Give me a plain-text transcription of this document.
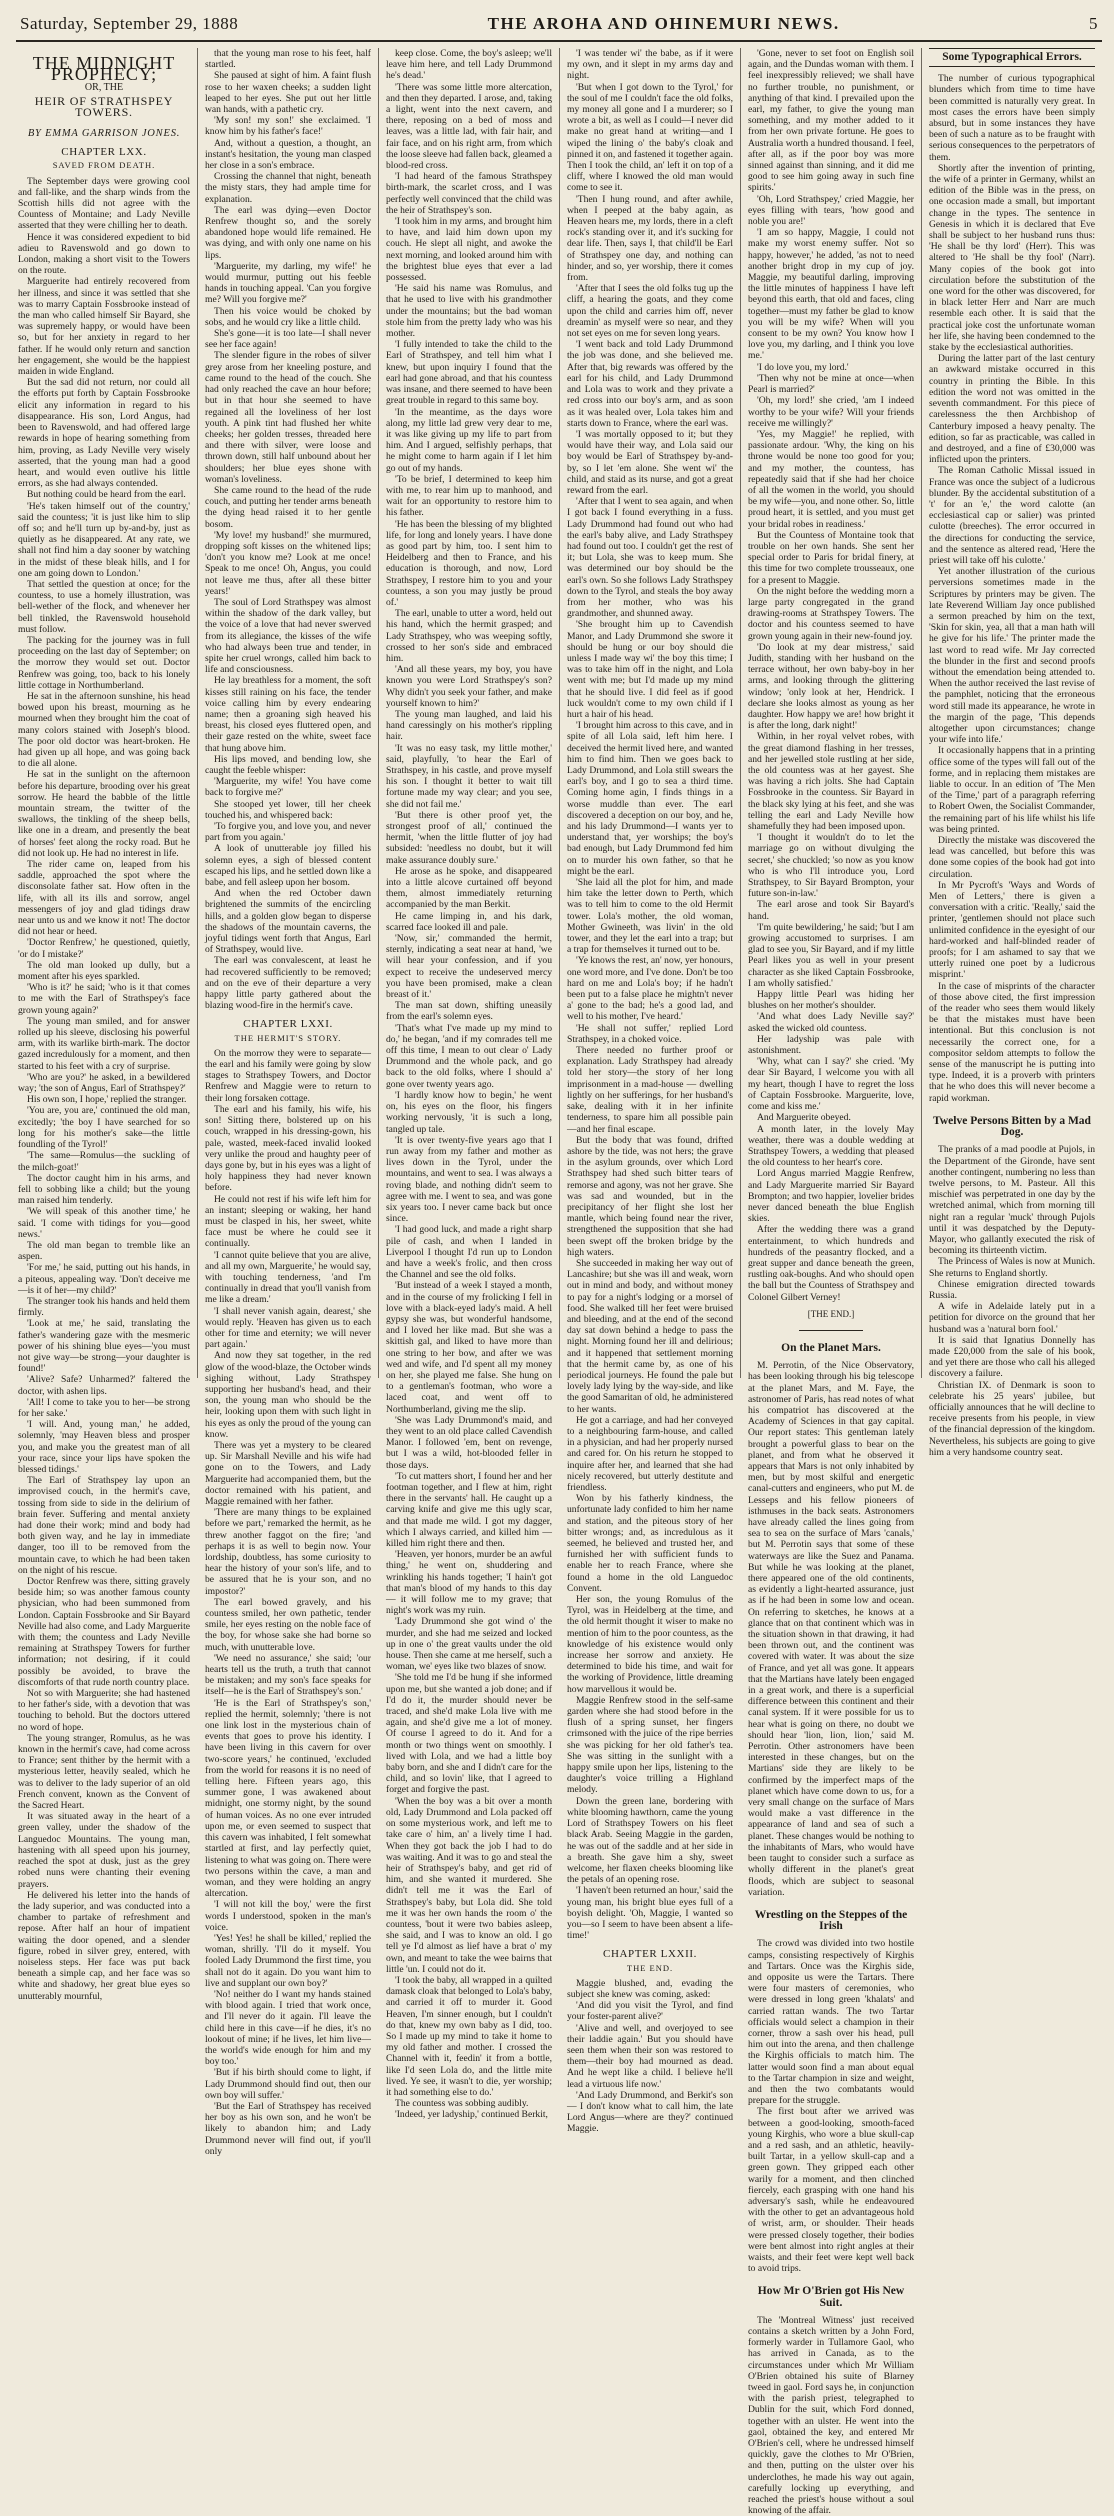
Saturday, September 29, 1888	THE AROHA AND OHINEMURI NEWS.	5
THE MIDNIGHT PROPHECY;
OR, THE
HEIR OF STRATHSPEY TOWERS.
BY EMMA GARRISON JONES.
CHAPTER LXX.
SAVED FROM DEATH.

The September days were growing cool and fall-like, and the sharp winds from the Scottish hills did not agree with the Countess of Montaine; and Lady Neville asserted that they were chilling her to death.

Hence it was considered expedient to bid adieu to Ravenswold and go down to London, making a short visit to the Towers on the route.

Marguerite had entirely recovered from her illness, and since it was settled that she was to marry Captain Fossbrooke instead of the man who called himself Sir Bayard, she was supremely happy, or would have been so, but for her anxiety in regard to her father. If he would only return and sanction her engagement, she would be the happiest maiden in wide England.

But the sad did not return, nor could all the efforts put forth by Captain Fossbrooke elicit any information in regard to his disappearance. His son, Lord Angus, had been to Ravenswold, and had offered large rewards in hope of hearing something from him, proving, as Lady Neville very wisely asserted, that the young man had a good heart, and would even outlive his little errors, as she had always contended.

But nothing could be heard from the earl.

'He's taken himself out of the country,' said the countess; 'it is just like him to slip off so; and he'll turn up by-and-by, just as quietly as he disappeared. At any rate, we shall not find him a day sooner by watching in the midst of these bleak hills, and I for one am going down to London.'

That settled the question at once; for the countess, to use a homely illustration, was bell-wether of the flock, and whenever her bell tinkled, the Ravenswold household must follow.

The packing for the journey was in full proceeding on the last day of September; on the morrow they would set out. Doctor Renfrew was going, too, back to his lonely little cottage in Northumberland.

He sat in the afternoon sunshine, his head bowed upon his breast, mourning as he mourned when they brought him the coat of many colors stained with Joseph's blood. The poor old doctor was heart-broken. He had given up all hope, and was going back to die all alone.

He sat in the sunlight on the afternoon before his departure, brooding over his great sorrow. He heard the babble of the little mountain stream, the twitter of the swallows, the tinkling of the sheep bells, like one in a dream, and presently the beat of horses' feet along the rocky road. But he did not look up. He had no interest in life.

The rider came on, leaped from his saddle, approached the spot where the disconsolate father sat. How often in the life, with all its ills and sorrow, angel messengers of joy and glad tidings draw near unto us and we know it not! The doctor did not hear or heed.

'Doctor Renfrew,' he questioned, quietly, 'or do I mistake?'

The old man looked up dully, but a moment after his eyes sparkled.

'Who is it?' he said; 'who is it that comes to me with the Earl of Strathspey's face grown young again?'

The young man smiled, and for answer rolled up his sleeve, disclosing his powerful arm, with its warlike birth-mark. The doctor gazed incredulously for a moment, and then started to his feet with a cry of surprise.

'Who are you?' he asked, in a bewildered way; 'the son of Angus, Earl of Strathspey?'

His own son, I hope,' replied the stranger.

'You are, you are,' continued the old man, excitedly; 'the boy I have searched for so long for his mother's sake—the little foundling of the Tyrol!'

'The same—Romulus—the suckling of the milch-goat!'

The doctor caught him in his arms, and fell to sobbing like a child; but the young man raised him tenderly.

'We will speak of this another time,' he said. 'I come with tidings for you—good news.'

The old man began to tremble like an aspen.

'For me,' he said, putting out his hands, in a piteous, appealing way. 'Don't deceive me—is it of her—my child?'

The stranger took his hands and held them firmly.

'Look at me,' he said, translating the father's wandering gaze with the mesmeric power of his shining blue eyes—'you must not give way—be strong—your daughter is found!'

'Alive? Safe? Unharmed?' faltered the doctor, with ashen lips.

'All! I come to take you to her—be strong for her sake.'

'I will. And, young man,' he added, solemnly, 'may Heaven bless and prosper you, and make you the greatest man of all your race, since your lips have spoken the blessed tidings.'

The Earl of Strathspey lay upon an improvised couch, in the hermit's cave, tossing from side to side in the delirium of brain fever. Suffering and mental anxiety had done their work; mind and body had both given way, and he lay in immediate danger, too ill to be removed from the mountain cave, to which he had been taken on the night of his rescue.

Doctor Renfrew was there, sitting gravely beside him; so was another famous county physician, who had been summoned from London. Captain Fossbrooke and Sir Bayard Neville had also come, and Lady Marguerite with them; the countess and Lady Neville remaining at Strathspey Towers for further information; not desiring, if it could possibly be avoided, to brave the discomforts of that rude north country place.

Not so with Marguerite; she had hastened to her father's side, with a devotion that was touching to behold. But the doctors uttered no word of hope.

The young stranger, Romulus, as he was known in the hermit's cave, had come across to France; sent thither by the hermit with a mysterious letter, heavily sealed, which he was to deliver to the lady superior of an old French convent, known as the Convent of the Sacred Heart.

It was situated away in the heart of a green valley, under the shadow of the Languedoc Mountains. The young man, hastening with all speed upon his journey, reached the spot at dusk, just as the grey robed nuns were chanting their evening prayers.

He delivered his letter into the hands of the lady superior, and was conducted into a chamber to partake of refreshment and repose. After half an hour of impatient waiting the door opened, and a slender figure, robed in silver grey, entered, with noiseless steps. Her face was put back beneath a simple cap, and her face was so white and shadowy, her great blue eyes so unutterably mournful,

that the young man rose to his feet, half startled.

She paused at sight of him. A faint flush rose to her waxen cheeks; a sudden light leaped to her eyes. She put out her little wan hands, with a pathetic cry.

'My son! my son!' she exclaimed. 'I know him by his father's face!'

And, without a question, a thought, an instant's hesitation, the young man clasped her close in a son's embrace.

Crossing the channel that night, beneath the misty stars, they had ample time for explanation.

The earl was dying—even Doctor Renfrew thought so, and the sorely abandoned hope would life remained. He was dying, and with only one name on his lips.

'Marguerite, my darling, my wife!' he would murmur, putting out his feeble hands in touching appeal. 'Can you forgive me? Will you forgive me?'

Then his voice would be choked by sobs, and he would cry like a little child.

She's gone—it is too late—I shall never see her face again!

The slender figure in the robes of silver grey arose from her kneeling posture, and came round to the head of the couch. She had only reached the cave an hour before; but in that hour she seemed to have regained all the loveliness of her lost youth. A pink tint had flushed her white cheeks; her golden tresses, threaded here and there with silver, were loose and thrown down, still half unbound about her shoulders; her blue eyes shone with woman's loveliness.

She came round to the head of the rude couch, and putting her tender arms beneath the dying head raised it to her gentle bosom.

'My love! my husband!' she murmured, dropping soft kisses on the whitened lips; 'don't you know me? Look at me once! Speak to me once! Oh, Angus, you could not leave me thus, after all these bitter years!'

The soul of Lord Strathspey was almost within the shadow of the dark valley, but the voice of a love that had never swerved from its allegiance, the kisses of the wife who had always been true and tender, in spite her cruel wrongs, called him back to life and consciousness.

He lay breathless for a moment, the soft kisses still raining on his face, the tender voice calling him by every endearing name; then a groaning sigh heaved his breast, his closed eyes fluttered open, and their gaze rested on the white, sweet face that hung above him.

His lips moved, and bending low, she caught the feeble whisper:

'Marguerite, my wife! You have come back to forgive me?'

She stooped yet lower, till her cheek touched his, and whispered back:

'To forgive you, and love you, and never part from you again.'

A look of unutterable joy filled his solemn eyes, a sigh of blessed content escaped his lips, and he settled down like a babe, and fell asleep upon her bosom.

And when the red October dawn brightened the summits of the encircling hills, and a golden glow began to disperse the shadows of the mountain caverns, the joyful tidings went forth that Angus, Earl of Strathspey, would live.

The earl was convalescent, at least he had recovered sufficiently to be removed; and on the eve of their departure a very happy little party gathered about the blazing wood-fire in the hermit's cave.

CHAPTER LXXI.
THE HERMIT'S STORY.

On the morrow they were to separate—the earl and his family were going by slow stages to Strathspey Towers, and Doctor Renfrew and Maggie were to return to their long forsaken cottage.

The earl and his family, his wife, his son! Sitting there, bolstered up on his couch, wrapped in his dressing-gown, his pale, wasted, meek-faced invalid looked very unlike the proud and haughty peer of days gone by, but in his eyes was a light of holy happiness they had never known before.

He could not rest if his wife left him for an instant; sleeping or waking, her hand must be clasped in his, her sweet, white face must be where he could see it continually.

'I cannot quite believe that you are alive, and all my own, Marguerite,' he would say, with touching tenderness, 'and I'm continually in dread that you'll vanish from me like a dream.'

'I shall never vanish again, dearest,' she would reply. 'Heaven has given us to each other for time and eternity; we will never part again.'

And now they sat together, in the red glow of the wood-blaze, the October winds sighing without, Lady Strathspey supporting her husband's head, and their son, the young man who should be the heir, looking upon them with such light in his eyes as only the proud of the young can know.

There was yet a mystery to be cleared up. Sir Marshall Neville and his wife had gone on to the Towers, and Lady Marguerite had accompanied them, but the doctor remained with his patient, and Maggie remained with her father.

'There are many things to be explained before we part,' remarked the hermit, as he threw another faggot on the fire; 'and perhaps it is as well to begin now. Your lordship, doubtless, has some curiosity to hear the history of your son's life, and to be assured that he is your son, and no impostor?'

The earl bowed gravely, and his countess smiled, her own pathetic, tender smile, her eyes resting on the noble face of the boy, for whose sake she had borne so much, with unutterable love.

'We need no assurance,' she said; 'our hearts tell us the truth, a truth that cannot be mistaken; and my son's face speaks for itself—he is the Earl of Strathspey's son.'

'He is the Earl of Strathspey's son,' replied the hermit, solemnly; 'there is not one link lost in the mysterious chain of events that goes to prove his identity. I have been living in this cavern for over two-score years,' he continued, 'excluded from the world for reasons it is no need of telling here. Fifteen years ago, this summer gone, I was awakened about midnight, one stormy night, by the sound of human voices. As no one ever intruded upon me, or even seemed to suspect that this cavern was inhabited, I felt somewhat startled at first, and lay perfectly quiet, listening to what was going on. There were two persons within the cave, a man and woman, and they were holding an angry altercation.

'I will not kill the boy,' were the first words I understood, spoken in the man's voice.

'Yes! Yes! he shall be killed,' replied the woman, shrilly. 'I'll do it myself. You fooled Lady Drummond the first time, you shall not do it again. Do you want him to live and supplant our own boy?'

'No! neither do I want my hands stained with blood again. I tried that work once, and I'll never do it again. I'll leave the child here in this cave—if he dies, it's no lookout of mine; if he lives, let him live—the world's wide enough for him and my boy too.'

'But if his birth should come to light, if Lady Drummond should find out, then our own boy will suffer.'

'But the Earl of Strathspey has received her boy as his own son, and he won't be likely to abandon him; and Lady Drummond never will find out, if you'll only

keep close. Come, the boy's asleep; we'll leave him here, and tell Lady Drummond he's dead.'

'There was some little more altercation, and then they departed. I arose, and, taking a light, went into the next cavern, and there, reposing on a bed of moss and leaves, was a little lad, with fair hair, and fair face, and on his right arm, from which the loose sleeve had fallen back, gleamed a blood-red cross.

'I had heard of the famous Strathspey birth-mark, the scarlet cross, and I was perfectly well convinced that the child was the heir of Strathspey's son.

'I took him in my arms, and brought him to have, and laid him down upon my couch. He slept all night, and awoke the next morning, and looked around him with the brightest blue eyes that ever a lad possessed.

'He said his name was Romulus, and that he used to live with his grandmother under the mountains; but the bad woman stole him from the pretty lady who was his mother.

'I fully intended to take the child to the Earl of Strathspey, and tell him what I knew, but upon inquiry I found that the earl had gone abroad, and that his countess was insane, and there seemed to have been great trouble in regard to this same boy.

'In the meantime, as the days wore along, my little lad grew very dear to me, it was like giving up my life to part from him. And I argued, selfishly perhaps, that he might come to harm again if I let him go out of my hands.

'To be brief, I determined to keep him with me, to rear him up to manhood, and wait for an opportunity to restore him to his father.

'He has been the blessing of my blighted life, for long and lonely years. I have done as good part by him, too. I sent him to Heidelberg and then to France, and his education is thorough, and now, Lord Strathspey, I restore him to you and your countess, a son you may justly be proud of.'

The earl, unable to utter a word, held out his hand, which the hermit grasped; and Lady Strathspey, who was weeping softly, crossed to her son's side and embraced him.

'And all these years, my boy, you have known you were Lord Strathspey's son? Why didn't you seek your father, and make yourself known to him?'

The young man laughed, and laid his hand caressingly on his mother's rippling hair.

'It was no easy task, my little mother,' said, playfully, 'to hear the Earl of Strathspey, in his castle, and prove myself his son. I thought it better to wait till fortune made my way clear; and you see, she did not fail me.'

'But there is other proof yet, the strongest proof of all,' continued the hermit, 'when the little flutter of joy had subsided: 'needless no doubt, but it will make assurance doubly sure.'

He arose as he spoke, and disappeared into a little alcove curtained off beyond them, almost immediately returning accompanied by the man Berkit.

He came limping in, and his dark, scarred face looked ill and pale.

'Now, sir,' commanded the hermit, sternly, indicating a seat near at hand, 'we will hear your confession, and if you expect to receive the undeserved mercy you have been promised, make a clean breast of it.'

The man sat down, shifting uneasily from the earl's solemn eyes.

'That's what I've made up my mind to do,' he began, 'and if my comrades tell me off this time, I mean to out clear o' Lady Drummond and the whole pack, and go back to the old folks, where I should a' gone over twenty years ago.

'I hardly know how to begin,' he went on, his eyes on the floor, his fingers working nervously, 'it is such a long, tangled up tale.

'It is over twenty-five years ago that I run away from my father and mother as lives down in the Tyrol, under the mountains, and went to sea. I was always a roving blade, and nothing didn't seem to agree with me. I went to sea, and was gone six years too. I never came back but once since.

'I had good luck, and made a right sharp pile of cash, and when I landed in Liverpool I thought I'd run up to London and have a week's frolic, and then cross the Channel and see the old folks.

'But instead of a week I stayed a month, and in the course of my frolicking I fell in love with a black-eyed lady's maid. A hell gypsy she was, but wonderful handsome, and I loved her like mad. But she was a skittish gal, and liked to have more than one string to her bow, and after we was wed and wife, and I'd spent all my money on her, she played me false. She hung on to a gentleman's footman, who wore a laced coat, and went off to Northumberland, giving me the slip.

'She was Lady Drummond's maid, and they went to an old place called Cavendish Manor. I followed 'em, bent on revenge, but I was a wild, hot-blooded feller in those days.

'To cut matters short, I found her and her footman together, and I flew at him, right there in the servants' hall. He caught up a carving knife and give me this ugly scar, and that made me wild. I got my dagger, which I always carried, and killed him — killed him right there and then.

'Heaven, yer honors, murder be an awful thing,' he went on, shuddering and wrinkling his hands together; 'I hain't got that man's blood of my hands to this day — it will follow me to my grave; that night's work was my ruin.

'Lady Drummond she got wind o' the murder, and she had me seized and locked up in one o' the great vaults under the old house. Then she came at me herself, such a woman, we' eyes like two blazes of snow.

'She told me I'd be hung if she informed upon me, but she wanted a job done; and if I'd do it, the murder should never be traced, and she'd make Lola live with me again, and she'd give me a lot of money. Of course I agreed to do it. And for a month or two things went on smoothly. I lived with Lola, and we had a little boy baby born, and she and I didn't care for the child, and so lovin' like, that I agreed to forget and forgive the past.

'When the boy was a bit over a month old, Lady Drummond and Lola packed off on some mysterious work, and left me to take care o' him, an' a lively time I had. When they got back the job I had to do was waiting. And it was to go and steal the heir of Strathspey's baby, and get rid of him, and she wanted it murdered. She didn't tell me it was the Earl of Strathspey's baby, but Lola did. She told me it was her own hands the room o' the countess, 'bout it were two babies asleep, she said, and I was to know an old. I go tell ye I'd almost as lief have a brat o' my own, and meant to take the wee bairns that little 'un. I could not do it.

'I took the baby, all wrapped in a quilted damask cloak that belonged to Lola's baby, and carried it off to murder it. Good Heaven, I'm sinner enough, but I couldn't do that, knew my own baby as I did, too. So I made up my mind to take it home to my old father and mother. I crossed the Channel with it, feedin' it from a bottle, like I'd seen Lola do, and the little mite lived. Ye see, it wasn't to die, yer worship; it had something else to do.'

The countess was sobbing audibly.

'Indeed, yer ladyship,' continued Berkit,

'I was tender wi' the babe, as if it were my own, and it slept in my arms day and night.

'But when I got down to the Tyrol,' for the soul of me I couldn't face the old folks, my money all gone and I a murderer; so I wrote a bit, as well as I could—I never did make no great hand at writing—and I wiped the lining o' the baby's cloak and pinned it on, and fastened it together again. Then I took the child, an' left it on top of a cliff, where I knowed the old man would come to see it.

'Then I hung round, and after awhile, when I peeped at the baby again, as Heaven hears me, my lords, there in a cleft rock's standing over it, and it's sucking for dear life. Then, says I, that child'll be Earl of Strathspey one day, and nothing can hinder, and so, yer worship, there it comes from.

'After that I sees the old folks tug up the cliff, a hearing the goats, and they come upon the child and carries him off, never dreamin' as myself were so near, and they not set eyes on me for seven long years.

'I went back and told Lady Drummond the job was done, and she believed me. After that, big rewards was offered by the earl for his child, and Lady Drummond and Lola was to work and they private a red cross into our boy's arm, and as soon as it was healed over, Lola takes him and starts down to France, where the earl was.

'I was mortally opposed to it; but they would have their way, and Lola said our boy would be Earl of Strathspey by-and-by, so I let 'em alone. She went wi' the child, and staid as its nurse, and got a great reward from the earl.

'After that I went to sea again, and when I got back I found everything in a fuss. Lady Drummond had found out who had the earl's baby alive, and Lady Strathspey had found out too. I couldn't get the rest of it; but Lola, she was to keep mum. She was determined our boy should be the earl's own. So she follows Lady Strathspey down to the Tyrol, and steals the boy away from her mother, who was his grandmother, and shunned away.

'She brought him up to Cavendish Manor, and Lady Drummond she swore it should be hung or our boy should die unless I made way wi' the boy this time; I was to take him off in the night, and Lola went with me; but I'd made up my mind that he should live. I did feel as if good luck wouldn't come to my own child if I hurt a hair of his head.

'I brought him across to this cave, and in spite of all Lola said, left him here. I deceived the hermit lived here, and wanted him to find him. Then we goes back to Lady Drummond, and Lola still swears the earl's boy, and I go to sea a third time. Coming home agin, I finds things in a worse muddle than ever. The earl discovered a deception on our boy, and he, and his lady Drummond—I wants yer to understand that, yer worships; the boy's bad enough, but Lady Drummond fed him on to murder his own father, so that he might be the earl.

'She laid all the plot for him, and made him take the letter down to Perth, which was to tell him to come to the old Hermit tower. Lola's mother, the old woman, Mother Gwineeth, was livin' in the old tower, and they let the earl into a trap; but a trap for themselves it turned out to be.

'Ye knows the rest, an' now, yer honours, one word more, and I've done. Don't be too hard on me and Lola's boy; if he hadn't been put to a false place he mightn't never a' gone to the bad; he's a good lad, and well to his mother, I've heard.'

'He shall not suffer,' replied Lord Strathspey, in a choked voice.

There needed no further proof or explanation. Lady Strathspey had already told her story—the story of her long imprisonment in a mad-house — dwelling lightly on her sufferings, for her husband's sake, dealing with it in her infinite tenderness, to spare him all possible pain—and her final escape.

But the body that was found, drifted ashore by the tide, was not hers; the grave in the asylum grounds, over which Lord Strathspey had shed such bitter tears of remorse and agony, was not her grave. She was sad and wounded, but in the precipitancy of her flight she lost her mantle, which being found near the river, strengthened the supposition that she had been swept off the broken bridge by the high waters.

She succeeded in making her way out of Lancashire; but she was ill and weak, worn out in mind and body, and without money to pay for a night's lodging or a morsel of food. She walked till her feet were bruised and bleeding, and at the end of the second day sat down behind a hedge to pass the night. Morning found her ill and delirious; and it happened that settlement morning that the hermit came by, as one of his periodical journeys. He found the pale but lovely lady lying by the way-side, and like the good Samaritan of old, he administered to her wants.

He got a carriage, and had her conveyed to a neighbouring farm-house, and called in a physician, and had her properly nursed and cared for. On his return he stopped to inquire after her, and learned that she had nicely recovered, but utterly destitute and friendless.

Won by his fatherly kindness, the unfortunate lady confided to him her name and station, and the piteous story of her bitter wrongs; and, as incredulous as it seemed, he believed and trusted her, and furnished her with sufficient funds to enable her to reach France, where she found a home in the old Languedoc Convent.

Her son, the young Romulus of the Tyrol, was in Heidelberg at the time, and the old hermit thought it wiser to make no mention of him to the poor countess, as the knowledge of his existence would only increase her sorrow and anxiety. He determined to bide his time, and wait for the working of Providence, little dreaming how marvellous it would be.

Maggie Renfrew stood in the self-same garden where she had stood before in the flush of a spring sunset, her fingers crimsoned with the juice of the ripe berries she was picking for her old father's tea. She was sitting in the sunlight with a happy smile upon her lips, listening to the daughter's voice trilling a Highland melody.

Down the green lane, bordering with white blooming hawthorn, came the young Lord of Strathspey Towers on his fleet black Arab. Seeing Maggie in the garden, he was out of the saddle and at her side in a breath. She gave him a shy, sweet welcome, her flaxen cheeks blooming like the petals of an opening rose.

'I haven't been returned an hour,' said the young man, his bright blue eyes full of a boyish delight. 'Oh, Maggie, I wanted so you—so I seem to have been absent a life-time!'

CHAPTER LXXII.
THE END.

Maggie blushed, and, evading the subject she knew was coming, asked:

'And did you visit the Tyrol, and find your foster-parent alive?'

'Alive and well, and overjoyed to see their laddie again.' But you should have seen them when their son was restored to them—their boy had mourned as dead. And he wept like a child. I believe he'll lead a virtuous life now.'

'And Lady Drummond, and Berkit's son — I don't know what to call him, the late Lord Angus—where are they?' continued Maggie.

'Gone, never to set foot on English soil again, and the Dundas woman with them. I feel inexpressibly relieved; we shall have no further trouble, no punishment, or anything of that kind. I prevailed upon the earl, my father, to give the young man something, and my mother added to it from her own private fortune. He goes to Australia worth a hundred thousand. I feel, after all, as if the poor boy was more sinned against than sinning, and it did me good to see him going away in such fine spirits.'

'Oh, Lord Strathspey,' cried Maggie, her eyes filling with tears, 'how good and noble you are!'

'I am so happy, Maggie, I could not make my worst enemy suffer. Not so happy, however,' he added, 'as not to need another bright drop in my cup of joy. Maggie, my beautiful darling, improving the little minutes of happiness I have left beyond this earth, that old and faces, cling together—must my father be glad to know you will be my wife? When will you consent to be my own? You know how I love you, my darling, and I think you love me.'

'I do love you, my lord.'

'Then why not be mine at once—when Pearl is married?'

'Oh, my lord!' she cried, 'am I indeed worthy to be your wife? Will your friends receive me willingly?'

'Yes, my Maggie!' he replied, with passionate ardour. 'Why, the king on his throne would be none too good for you; and my mother, the countess, has repeatedly said that if she had her choice of all the women in the world, you should be my wife—you, and none other. So, little proud heart, it is settled, and you must get your bridal robes in readiness.'

But the Countess of Montaine took that trouble on her own hands. She sent her special order to Paris for bridal finery, at this time for two complete trousseaux, one for a present to Maggie.

On the night before the wedding morn a large party congregated in the grand drawing-rooms at Strathspey Towers. The doctor and his countess seemed to have grown young again in their new-found joy.

'Do look at my dear mistress,' said Judith, standing with her husband on the terrace without, her own baby-boy in her arms, and looking through the glittering window; 'only look at her, Hendrick. I declare she looks almost as young as her daughter. How happy we are! how bright it is after the long, dark night!'

Within, in her royal velvet robes, with the great diamond flashing in her tresses, and her jewelled stole rustling at her side, the old countess was at her gayest. She was having a rich jolts. She had Captain Fossbrooke in the countess. Sir Bayard in the black sky lying at his feet, and she was telling the earl and Lady Neville how shamefully they had been imposed upon.

'I thought it wouldn't do to let the marriage go on without divulging the secret,' she chuckled; 'so now as you know who is who I'll introduce you, Lord Strathspey, to Sir Bayard Brompton, your future son-in-law.'

The earl arose and took Sir Bayard's hand.

'I'm quite bewildering,' he said; 'but I am growing accustomed to surprises. I am glad to see you, Sir Bayard, and if my little Pearl likes you as well in your present character as she liked Captain Fossbrooke, I am wholly satisfied.'

Happy little Pearl was hiding her blushes on her mother's shoulder.

'And what does Lady Neville say?' asked the wicked old countess.

Her ladyship was pale with astonishment.

'Why, what can I say?' she cried. 'My dear Sir Bayard, I welcome you with all my heart, though I have to regret the loss of Captain Fossbrooke. Marguerite, love, come and kiss me.'

And Marguerite obeyed.

A month later, in the lovely May weather, there was a double wedding at Strathspey Towers, a wedding that pleased the old countess to her heart's core.

Lord Angus married Maggie Renfrew, and Lady Marguerite married Sir Bayard Brompton; and two happier, lovelier brides never danced beneath the blue English skies.

After the wedding there was a grand entertainment, to which hundreds and hundreds of the peasantry flocked, and a great supper and dance beneath the green, rustling oak-boughs. And who should open the ball but the Countess of Strathspey and Colonel Gilbert Verney!

[THE END.]
On the Planet Mars.

M. Perrotin, of the Nice Observatory, has been looking through his big telescope at the planet Mars, and M. Faye, the astronomer of Paris, has read notes of what his compatriot has discovered at the Academy of Sciences in that gay capital. Our report states: This gentleman lately brought a powerful glass to bear on the planet, and from what he observed it appears that Mars is not only inhabited by men, but by most skilful and energetic canal-cutters and engineers, who put M. de Lesseps and his fellow pioneers of isthmuses in the back seats. Astronomers have already called the lines going from sea to sea on the surface of Mars 'canals,' but M. Perrotin says that some of these waterways are like the Suez and Panama. But while he was looking at the planet, there appeared one of the old continents, as evidently a light-hearted assurance, just as if he had been in some low and ocean. On referring to sketches, he knows at a glance that on that continent which was in the situation shown in that drawing, it had been thrown out, and the continent was covered with water. It was about the size of France, and yet all was gone. It appears that the Martians have lately been engaged in a great work, and there is a superficial difference between this continent and their canal system. If it were possible for us to hear what is going on there, no doubt we should hear 'lion, lion, lion,' said M. Perrotin. Other astronomers have been interested in these changes, but on the Martians' side they are likely to be confirmed by the imperfect maps of the planet which have come down to us, for a very small change on the surface of Mars would make a vast difference in the appearance of land and sea of such a planet. These changes would be nothing to the inhabitants of Mars, who would have been taught to consider such a surface as wholly different in the planet's great floods, which are subject to seasonal variation.

Wrestling on the Steppes of the Irish

The crowd was divided into two hostile camps, consisting respectively of Kirghis and Tartars. Once was the Kirghis side, and opposite us were the Tartars. There were four masters of ceremonies, who were dressed in long green 'khalats' and carried rattan wands. The two Tartar officials would select a champion in their corner, throw a sash over his head, pull him out into the arena, and then challenge the Kirghis officials to match him. The latter would soon find a man about equal to the Tartar champion in size and weight, and then the two combatants would prepare for the struggle.

The first bout after we arrived was between a good-looking, smooth-faced young Kirghis, who wore a blue skull-cap and a red sash, and an athletic, heavily-built Tartar, in a yellow skull-cap and a green gown. They gripped each other warily for a moment, and then clinched fiercely, each grasping with one hand his adversary's sash, while he endeavoured with the other to get an advantageous hold of wrist, arm, or shoulder. Their heads were pressed closely together, their bodies were bent almost into right angles at their waists, and their feet were kept well back to avoid trips.

How Mr O'Brien got His New Suit.

The 'Montreal Witness' just received contains a sketch written by a John Ford, formerly warder in Tullamore Gaol, who has arrived in Canada, as to the circumstances under which Mr William O'Brien obtained his suite of Blarney tweed in gaol. Ford says he, in conjunction with the parish priest, telegraphed to Dublin for the suit, which Ford donned, together with an ulster. He went into the gaol, obtained the key, and entered Mr O'Brien's cell, where he undressed himself quickly, gave the clothes to Mr O'Brien, and then, putting on the ulster over his underclothes, he made his way out again, carefully locking up everything, and reached the priest's house without a soul knowing of the affair.

Some Typographical Errors.

The number of curious typographical blunders which from time to time have been committed is naturally very great. In most cases the errors have been simply absurd, but in some instances they have been of such a nature as to be fraught with serious consequences to the perpetrators of them.

Shortly after the invention of printing, the wife of a printer in Germany, whilst an edition of the Bible was in the press, on one occasion made a small, but important change in the types. The sentence in Genesis in which it is declared that Eve shall be subject to her husband runs thus: 'He shall be thy lord' (Herr). This was altered to 'He shall be thy fool' (Narr). Many copies of the book got into circulation before the substitution of the one word for the other was discovered, for in black letter Herr and Narr are much resemble each other. It is said that the practical joke cost the unfortunate woman her life, she having been condemned to the stake by the ecclesiastical authorities.

During the latter part of the last century an awkward mistake occurred in this country in printing the Bible. In this edition the word not was omitted in the seventh commandment. For this piece of carelessness the then Archbishop of Canterbury imposed a heavy penalty. The edition, so far as practicable, was called in and destroyed, and a fine of £30,000 was inflicted upon the printers.

The Roman Catholic Missal issued in France was once the subject of a ludicrous blunder. By the accidental substitution of a 't' for an 'e,' the word calotte (an ecclesiastical cap or salier) was printed culotte (breeches). The error occurred in the directions for conducting the service, and the sentence as altered read, 'Here the priest will take off his culotte.'

Yet another illustration of the curious perversions sometimes made in the Scriptures by printers may be given. The late Reverend William Jay once published a sermon preached by him on the text, 'Skin for skin, yea, all that a man hath will he give for his life.' The printer made the last word to read wife. Mr Jay corrected the blunder in the first and second proofs without the emendation being attended to. When the author received the last revise of the pamphlet, noticing that the erroneous word still made its appearance, he wrote in the margin of the page, 'This depends altogether upon circumstances; change your wife into life.'

It occasionally happens that in a printing office some of the types will fall out of the forme, and in replacing them mistakes are liable to occur. In an edition of 'The Men of the Time,' part of a paragraph referring to Robert Owen, the Socialist Commander, the remaining part of his life whilst his life was being printed.

Directly the mistake was discovered the lead was cancelled, but before this was done some copies of the book had got into circulation.

In Mr Pycroft's 'Ways and Words of Men of Letters,' there is given a conversation with a critic. 'Really,' said the printer, 'gentlemen should not place such unlimited confidence in the eyesight of our hard-worked and half-blinded reader of proofs; for I am ashamed to say that we utterly ruined one poet by a ludicrous misprint.'

In the case of misprints of the character of those above cited, the first impression of the reader who sees them would likely be that the mistakes must have been intentional. But this conclusion is not necessarily the correct one, for a compositor seldom attempts to follow the sense of the manuscript he is putting into type. Indeed, it is a proverb with printers that he who does this will never become a rapid workman.

Twelve Persons Bitten by a Mad Dog.

The pranks of a mad poodle at Pujols, in the Department of the Gironde, have sent another contingent, numbering no less than twelve persons, to M. Pasteur. All this mischief was perpetrated in one day by the wretched animal, which from morning till night ran a regular 'muck' through Pujols until it was despatched by the Deputy-Mayor, who gallantly executed the risk of becoming its thirteenth victim.

The Princess of Wales is now at Munich. She returns to England shortly.

Chinese emigration directed towards Russia.

A wife in Adelaide lately put in a petition for divorce on the ground that her husband was a 'natural born fool.'

It is said that Ignatius Donnelly has made £20,000 from the sale of his book, and yet there are those who call his alleged discovery a failure.

Christian IX. of Denmark is soon to celebrate his 25 years' jubilee, but officially announces that he will decline to receive presents from his people, in view of the financial depression of the kingdom. Nevertheless, his subjects are going to give him a very handsome country seat.
